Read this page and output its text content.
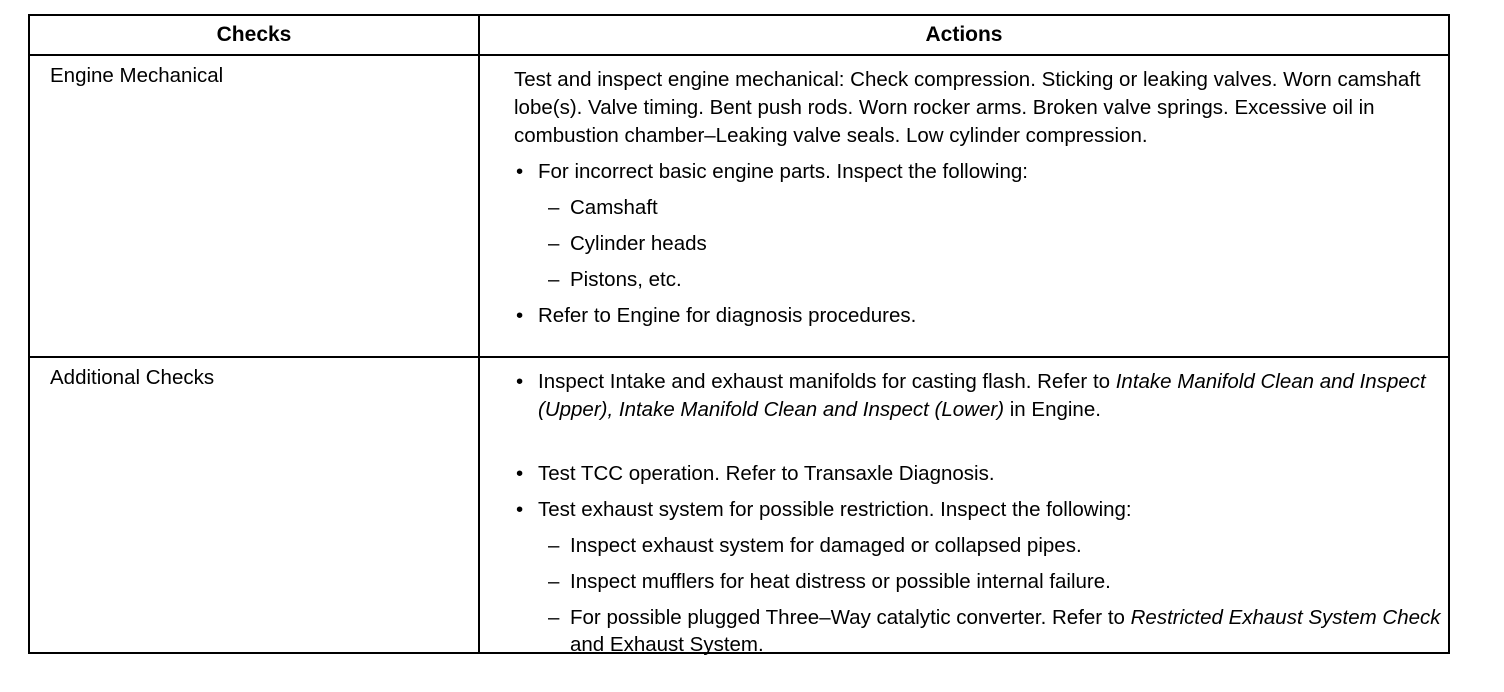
Checks	Actions
Engine Mechanical	Test and inspect engine mechanical: Check compression. Sticking or leaking valves. Worn camshaft lobe(s). Valve timing. Bent push rods. Worn rocker arms. Broken valve springs. Excessive oil in combustion chamber–Leaking valve seals. Low cylinder compression.

• For incorrect basic engine parts. Inspect the following:

– Camshaft

– Cylinder heads

– Pistons, etc.

• Refer to Engine for diagnosis procedures.

Additional Checks

•	Inspect Intake and exhaust manifolds for casting flash. Refer to Intake Manifold Clean and Inspect (Upper), Intake Manifold Clean and Inspect (Lower) in Engine.

• Test TCC operation. Refer to Transaxle Diagnosis.

• Test exhaust system for possible restriction. Inspect the following:

– Inspect exhaust system for damaged or collapsed pipes.

– Inspect mufflers for heat distress or possible internal failure.

– For possible plugged Three–Way catalytic converter. Refer to Restricted Exhaust System Check and Exhaust System.
